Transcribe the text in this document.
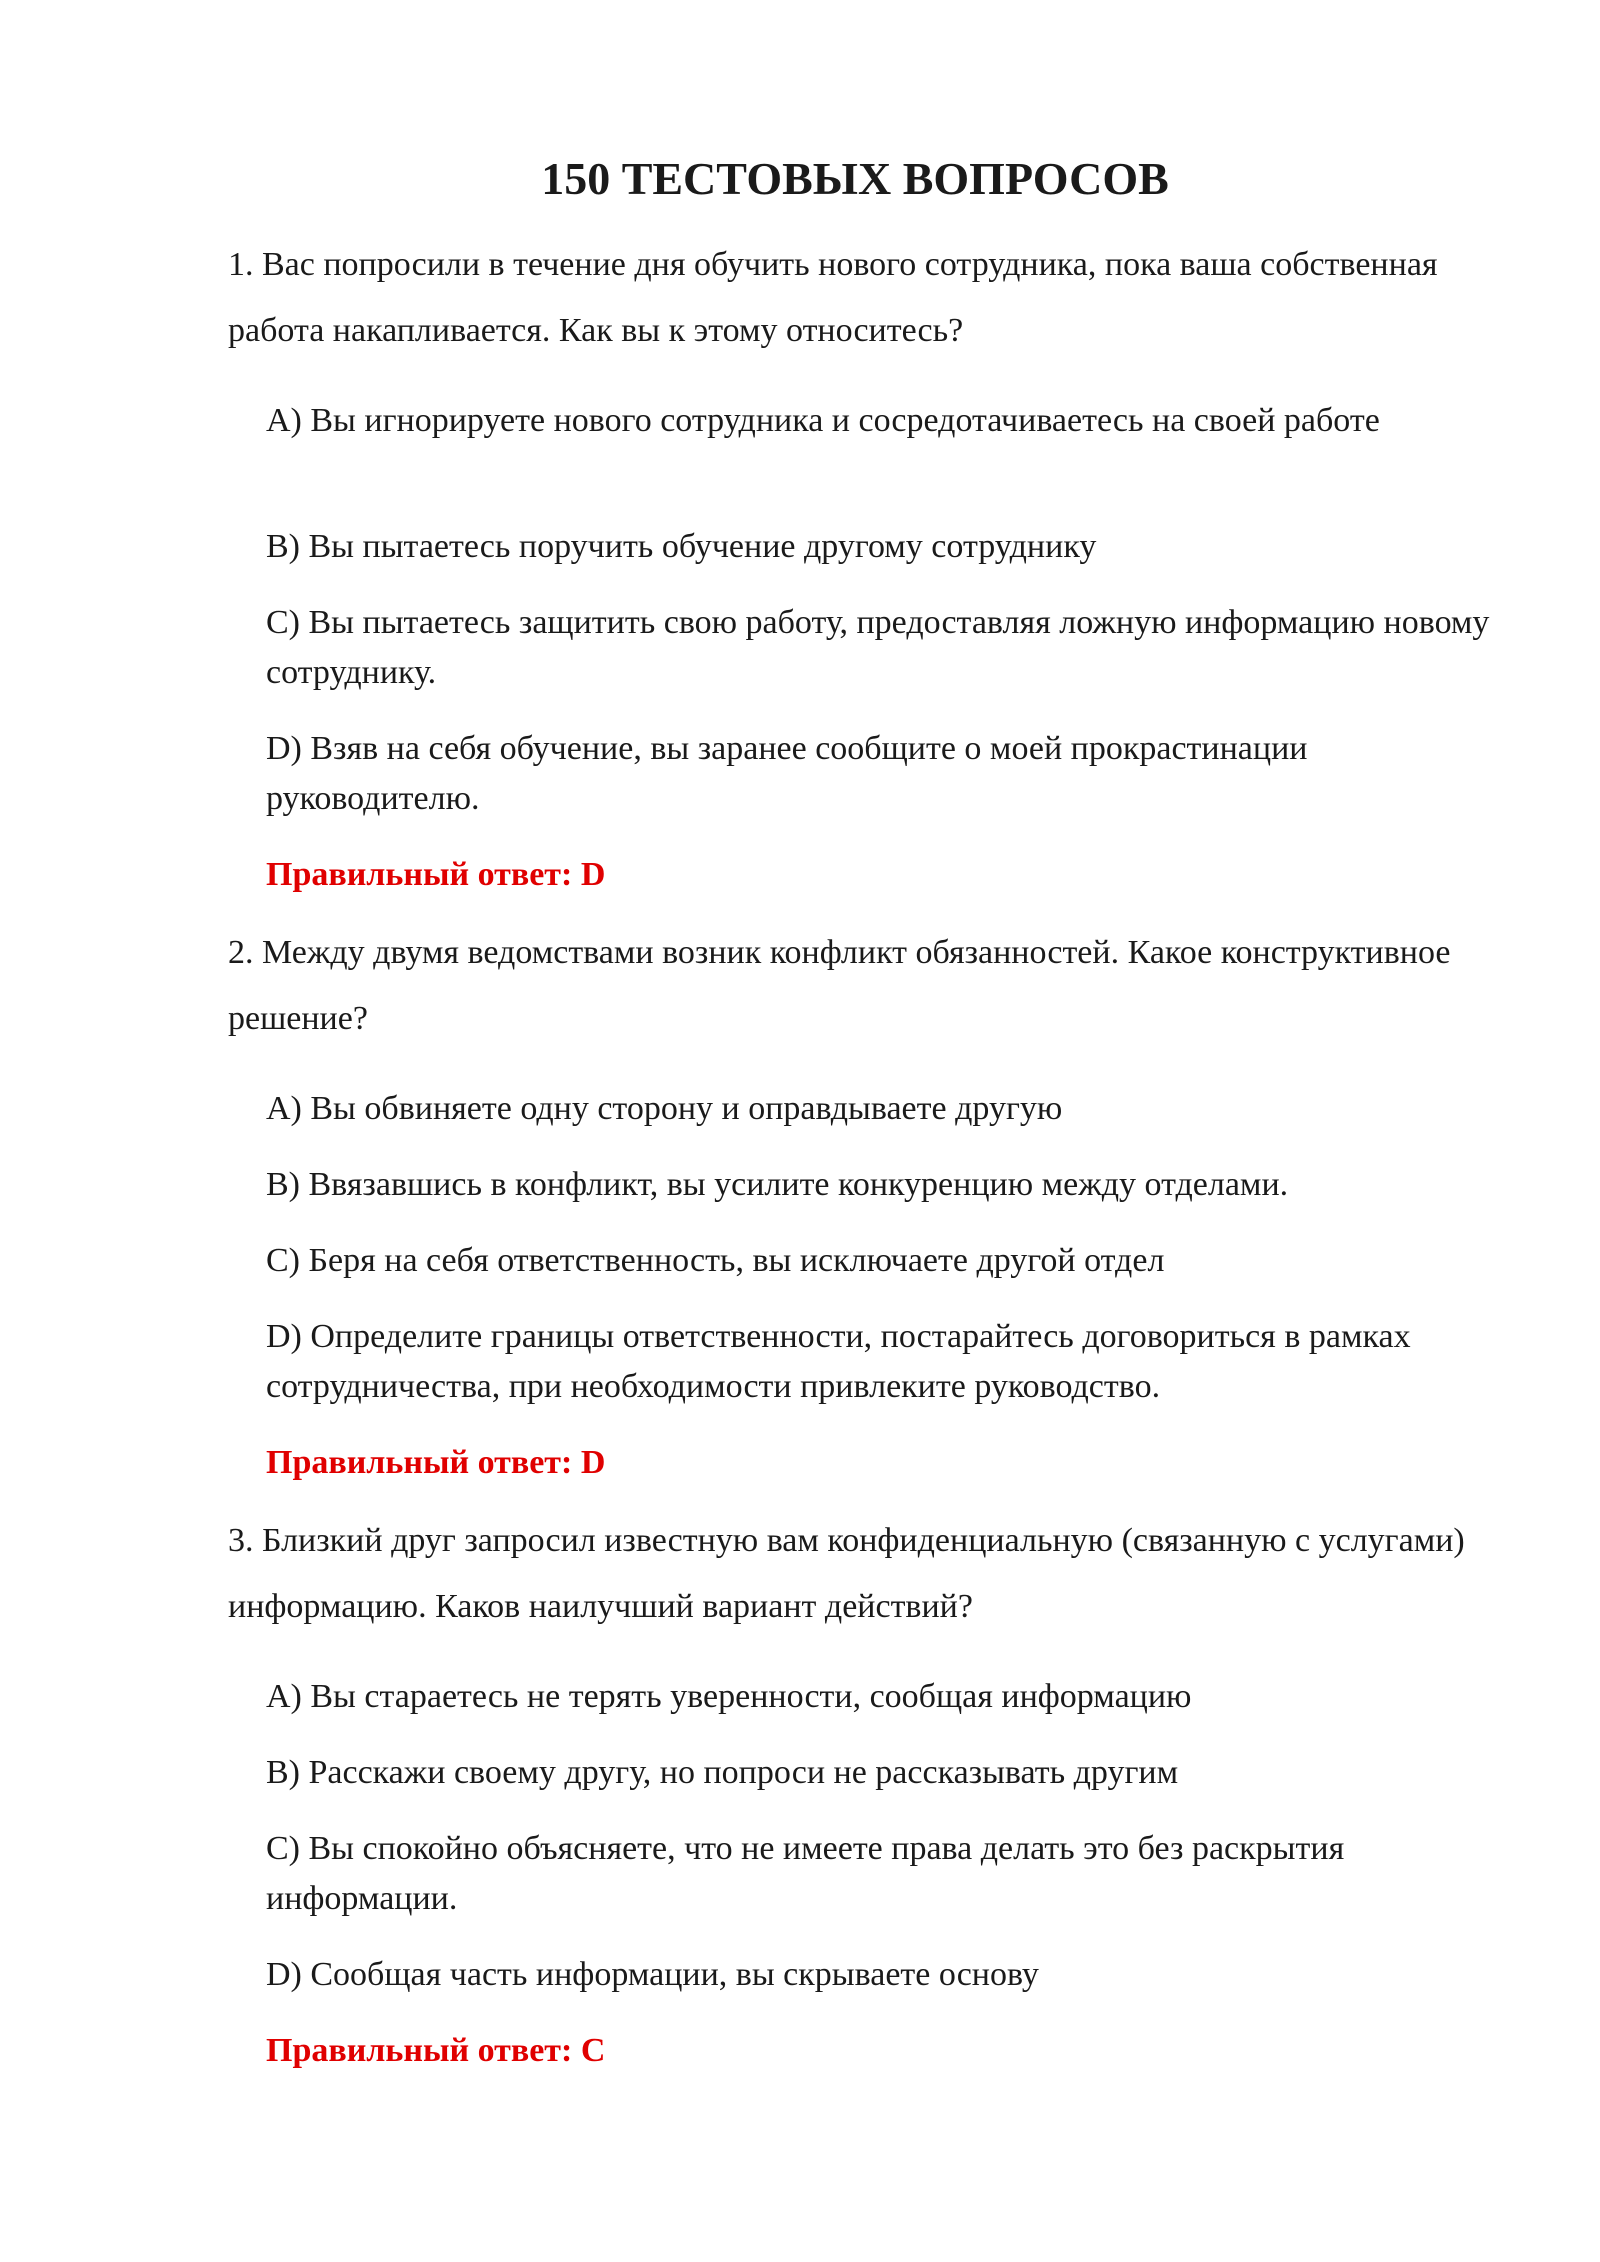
150 ТЕСТОВЫХ ВОПРОСОВ

1. Вас попросили в течение дня обучить нового сотрудника, пока ваша собственная работа накапливается. Как вы к этому относитесь?

A) Вы игнорируете нового сотрудника и сосредотачиваетесь на своей работе

B) Вы пытаетесь поручить обучение другому сотруднику

C) Вы пытаетесь защитить свою работу, предоставляя ложную информацию новому сотруднику.

D) Взяв на себя обучение, вы заранее сообщите о моей прокрастинации руководителю.

Правильный ответ: D

2. Между двумя ведомствами возник конфликт обязанностей. Какое конструктивное решение?

A) Вы обвиняете одну сторону и оправдываете другую

B) Ввязавшись в конфликт, вы усилите конкуренцию между отделами.

C) Беря на себя ответственность, вы исключаете другой отдел

D) Определите границы ответственности, постарайтесь договориться в рамках сотрудничества, при необходимости привлеките руководство.

Правильный ответ: D

3. Близкий друг запросил известную вам конфиденциальную (связанную с услугами) информацию. Каков наилучший вариант действий?

A) Вы стараетесь не терять уверенности, сообщая информацию

B) Расскажи своему другу, но попроси не рассказывать другим

C) Вы спокойно объясняете, что не имеете права делать это без раскрытия информации.

D) Сообщая часть информации, вы скрываете основу

Правильный ответ: C
